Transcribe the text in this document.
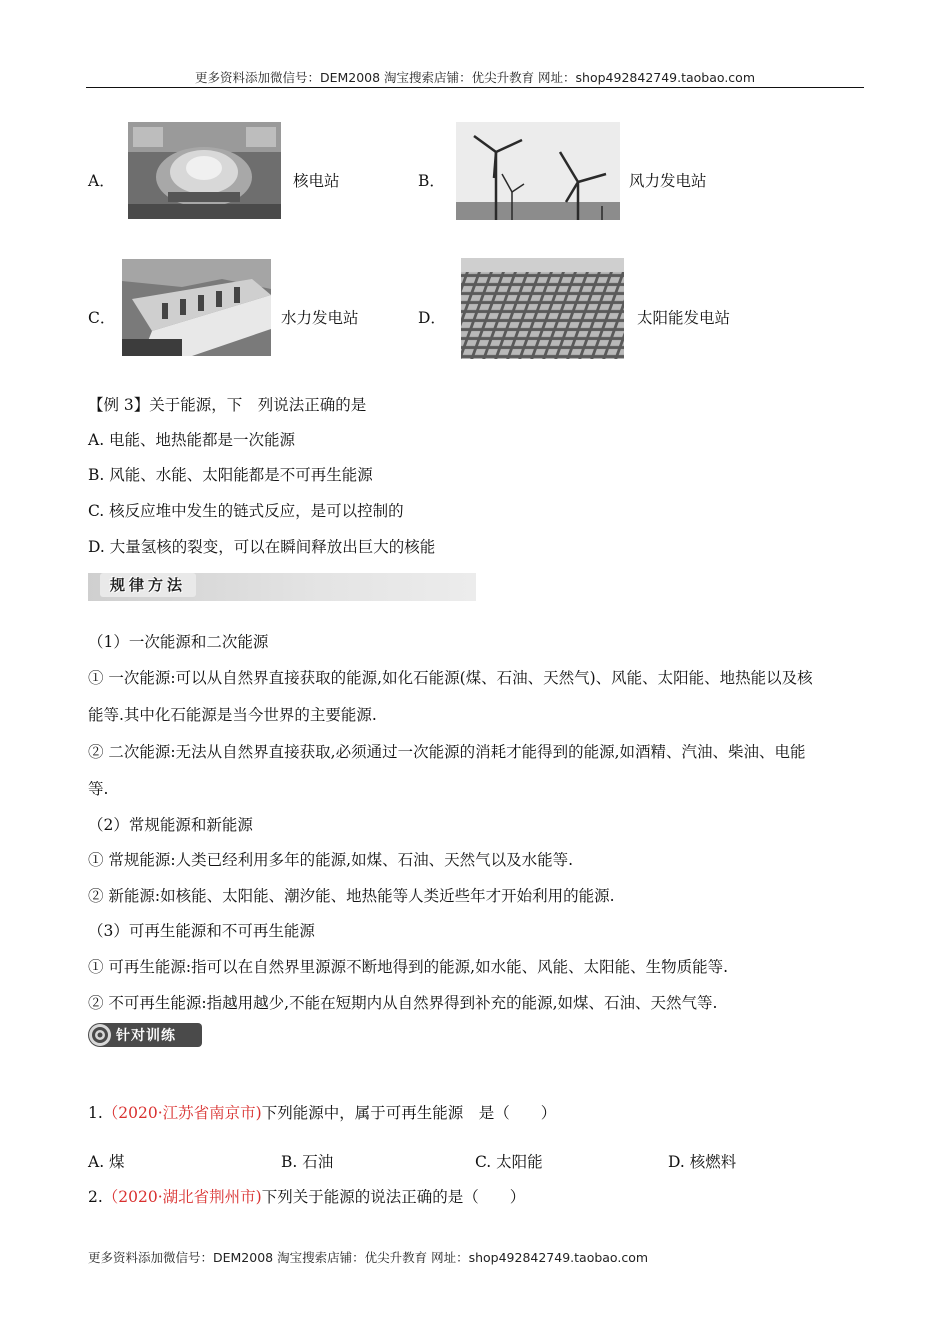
更多资料添加微信号：DEM2008 淘宝搜索店铺：优尖升教育 网址：shop492842749.taobao.com
A．	核电站	B．	风力发电站
C．	水力发电站	D．	太阳能发电站
【例 3】关于能源，下　列说法正确的是
A. 电能、地热能都是一次能源
B. 风能、水能、太阳能都是不可再生能源
C. 核反应堆中发生的链式反应，是可以控制的
D. 大量氢核的裂变，可以在瞬间释放出巨大的核能
规律方法
（1）一次能源和二次能源
① 一次能源:可以从自然界直接获取的能源,如化石能源(煤、石油、天然气)、风能、太阳能、地热能以及核
能等.其中化石能源是当今世界的主要能源.
② 二次能源:无法从自然界直接获取,必须通过一次能源的消耗才能得到的能源,如酒精、汽油、柴油、电能
等.
（2）常规能源和新能源
① 常规能源:人类已经利用多年的能源,如煤、石油、天然气以及水能等.
② 新能源:如核能、太阳能、潮汐能、地热能等人类近些年才开始利用的能源.
（3）可再生能源和不可再生能源
① 可再生能源:指可以在自然界里源源不断地得到的能源,如水能、风能、太阳能、生物质能等.
② 不可再生能源:指越用越少,不能在短期内从自然界得到补充的能源,如煤、石油、天然气等.
针对训练
1.（2020·江苏省南京市)下列能源中，属于可再生能源　是（　　）
A. 煤	B. 石油	C. 太阳能	D. 核燃料
2.（2020·湖北省荆州市)下列关于能源的说法正确的是（　　）
更多资料添加微信号：DEM2008 淘宝搜索店铺：优尖升教育 网址：shop492842749.taobao.com
